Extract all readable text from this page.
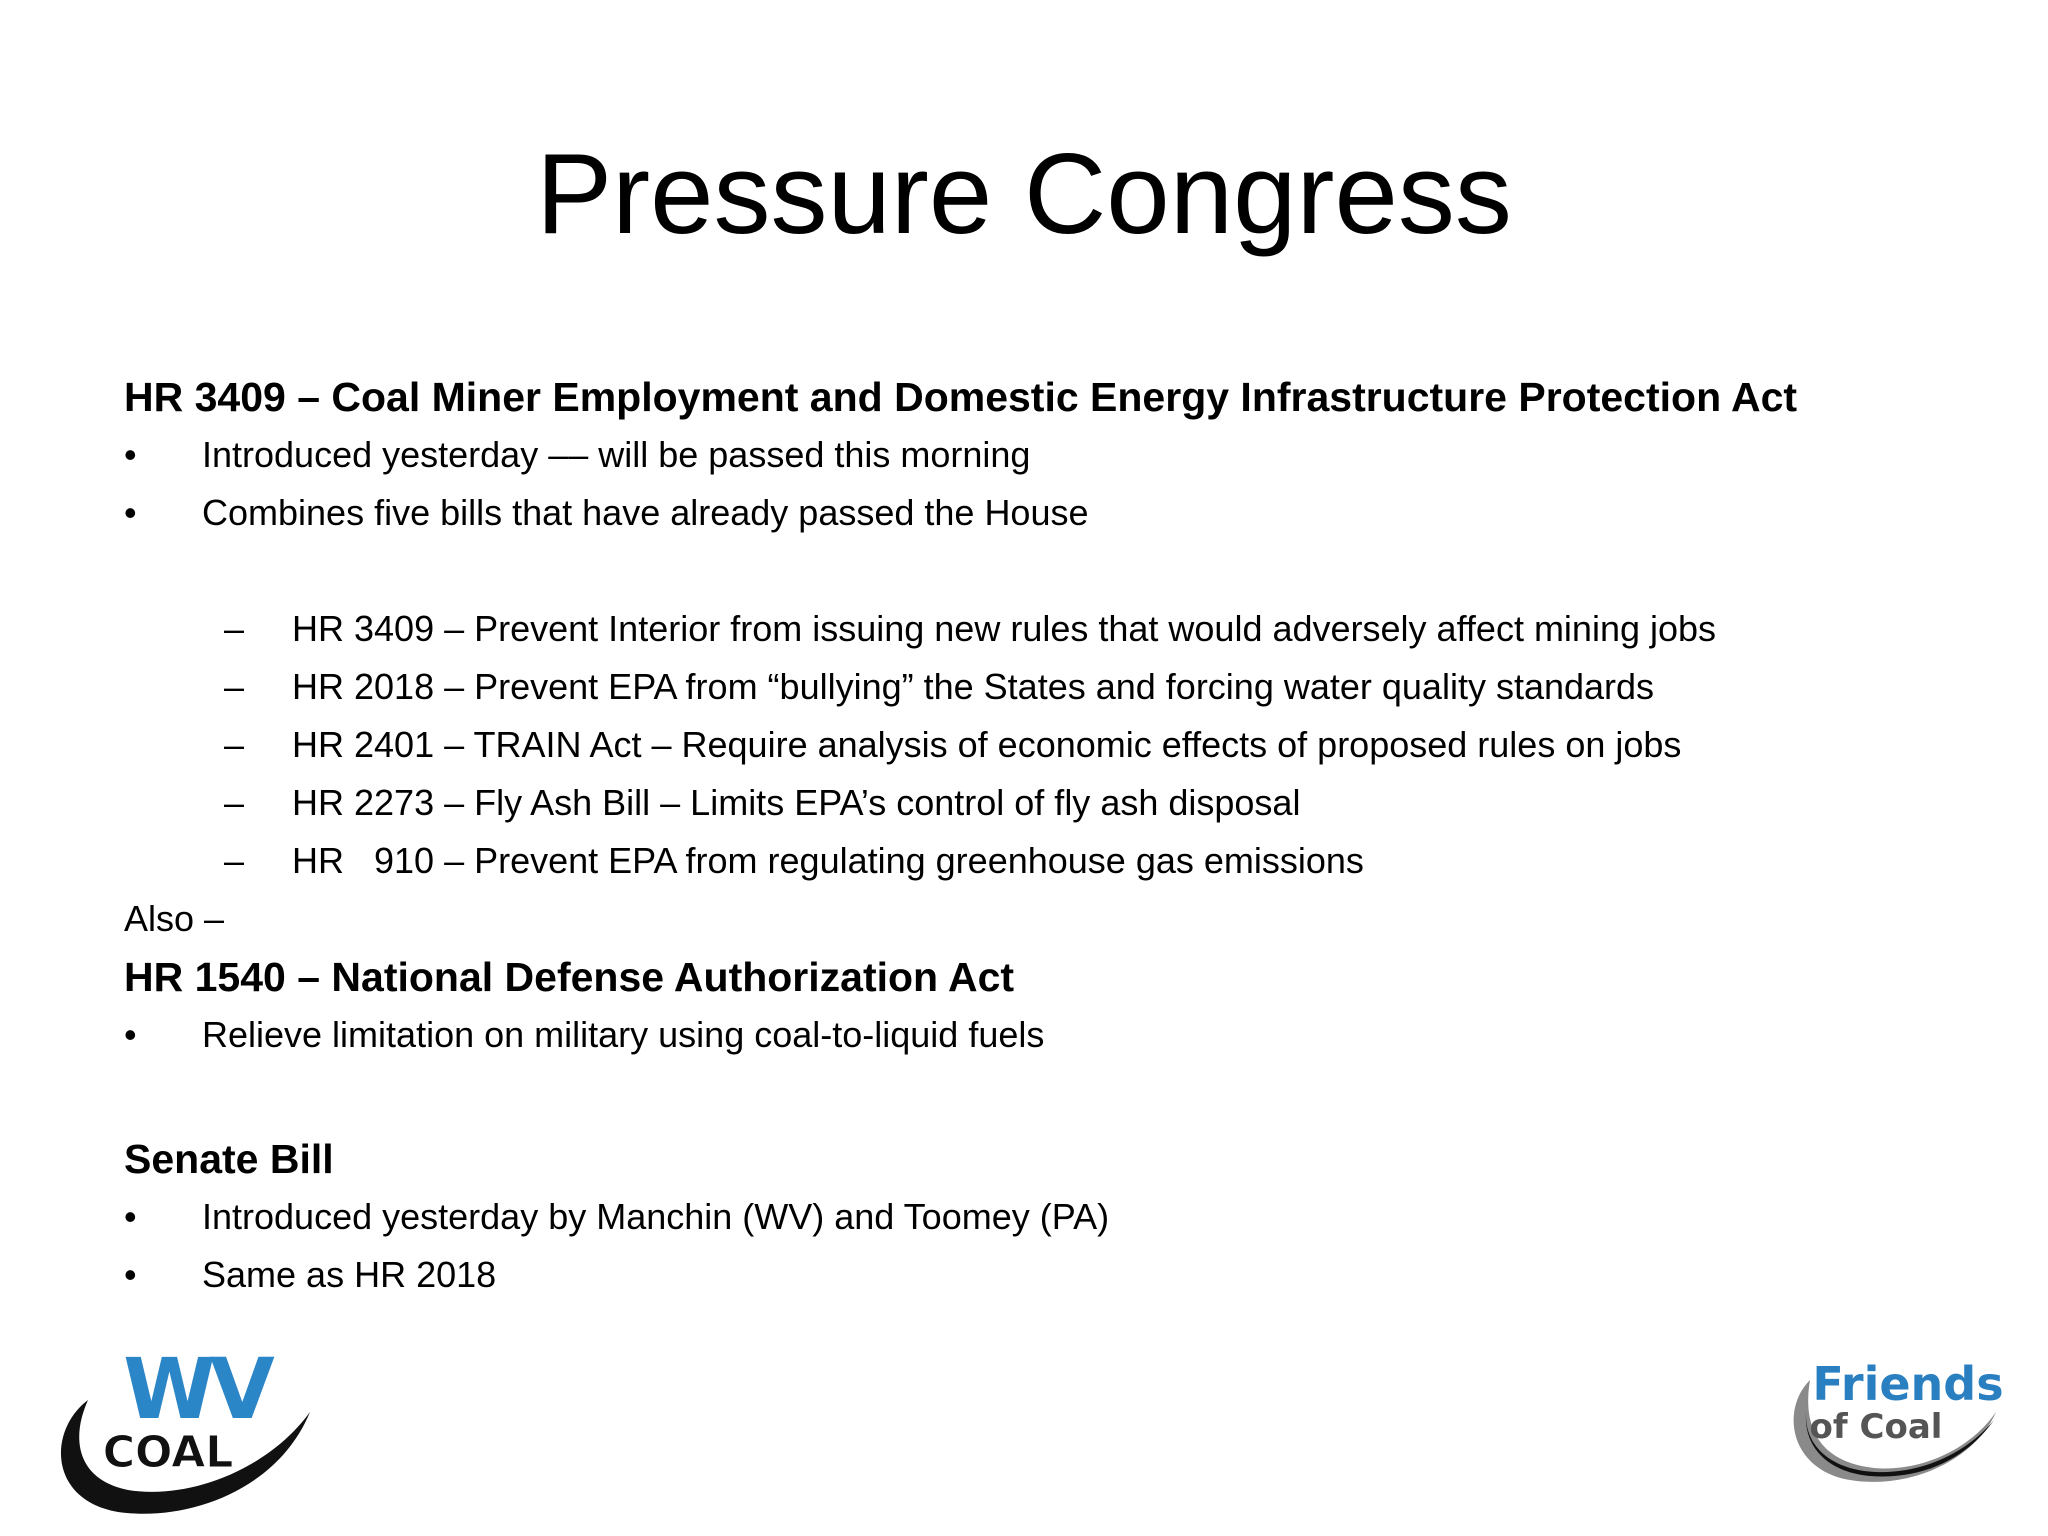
Pressure Congress
HR 3409 – Coal Miner Employment and Domestic Energy Infrastructure Protection Act
• Introduced yesterday –– will be passed this morning
• Combines five bills that have already passed the House
– HR 3409 – Prevent Interior from issuing new rules that would adversely affect mining jobs
– HR 2018 – Prevent EPA from “bullying” the States and forcing water quality standards
– HR 2401 – TRAIN Act – Require analysis of economic effects of proposed rules on jobs
– HR 2273 – Fly Ash Bill – Limits EPA’s control of fly ash disposal
– HR   910 – Prevent EPA from regulating greenhouse gas emissions
Also –
HR 1540 – National Defense Authorization Act
• Relieve limitation on military using coal-to-liquid fuels
Senate Bill
• Introduced yesterday by Manchin (WV) and Toomey (PA)
• Same as HR 2018
WV
COAL
Friends
of Coal
